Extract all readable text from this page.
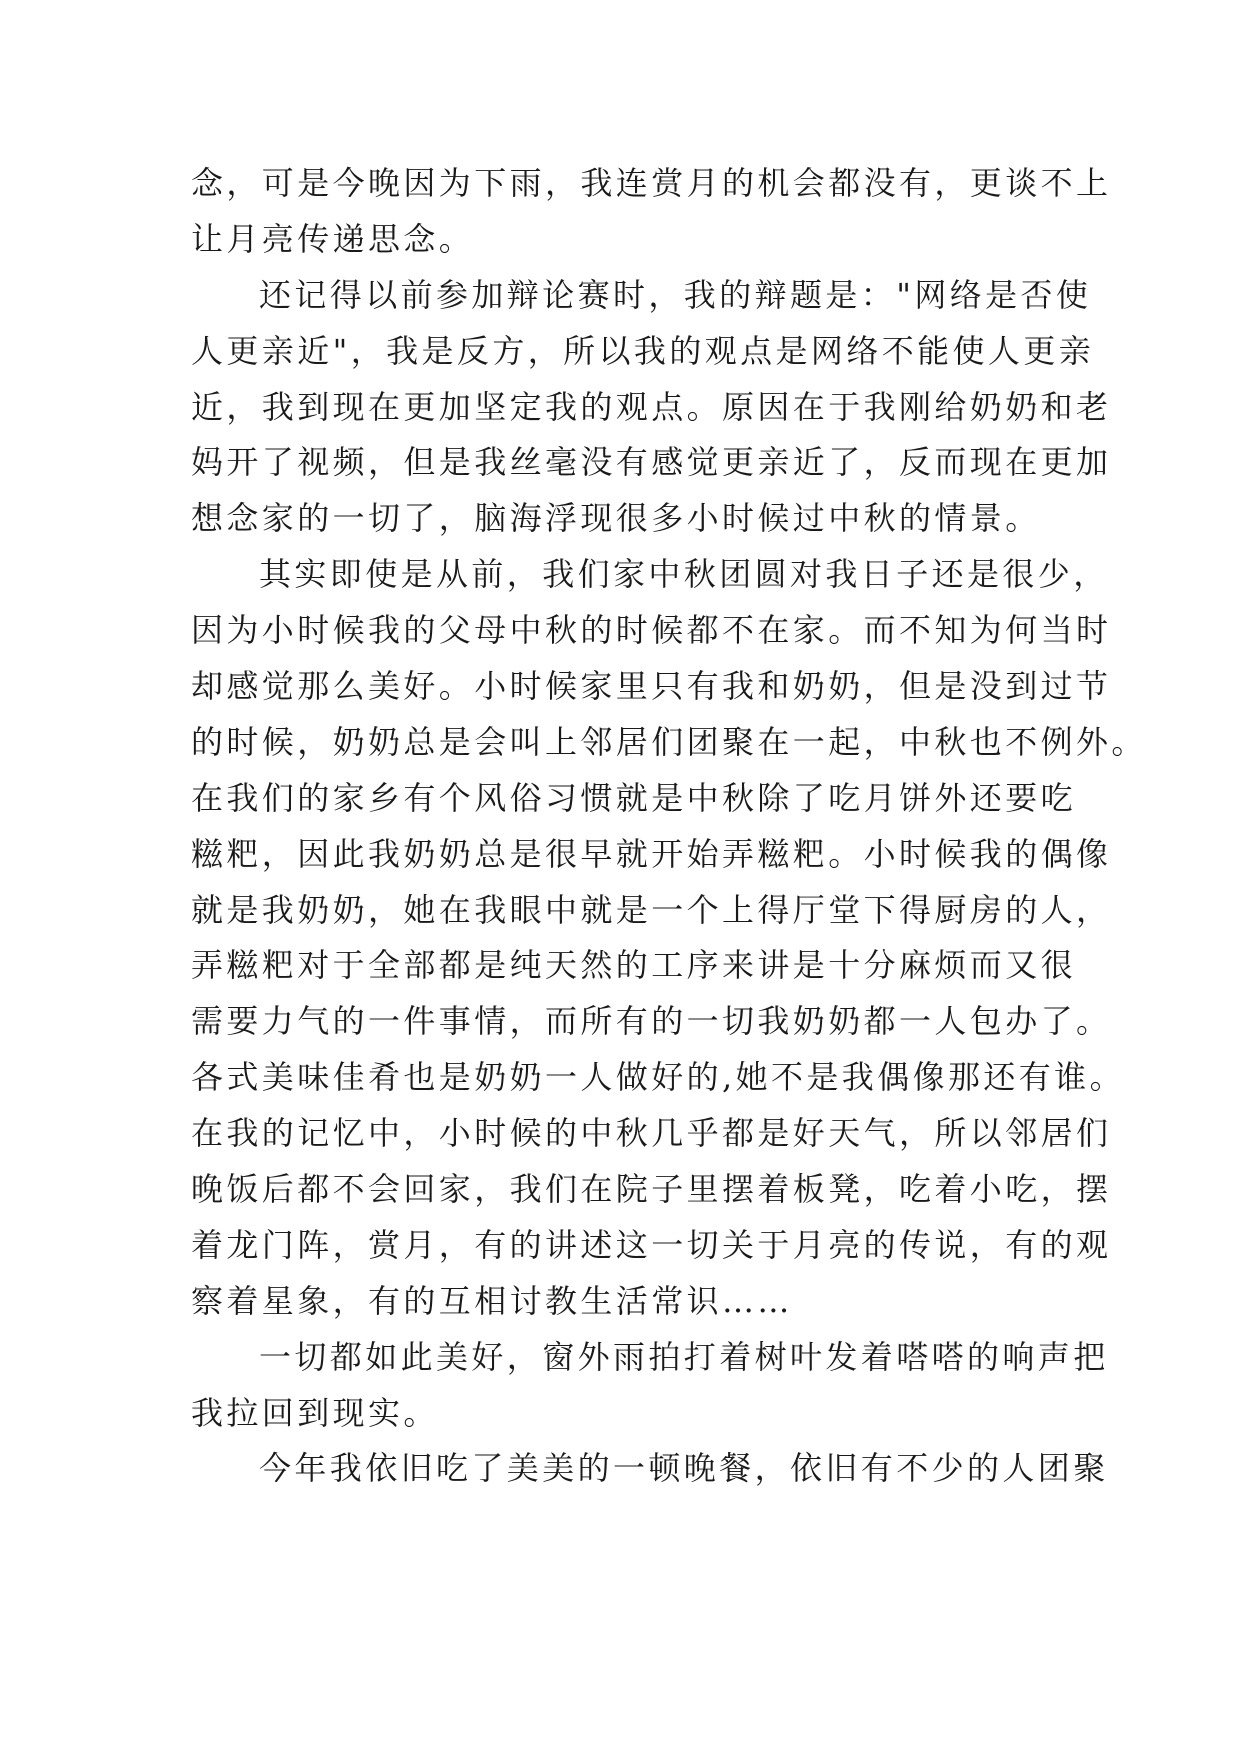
念，可是今晚因为下雨，我连赏月的机会都没有，更谈不上
让月亮传递思念。
还记得以前参加辩论赛时，我的辩题是："网络是否使
人更亲近"，我是反方，所以我的观点是网络不能使人更亲
近，我到现在更加坚定我的观点。原因在于我刚给奶奶和老
妈开了视频，但是我丝毫没有感觉更亲近了，反而现在更加
想念家的一切了，脑海浮现很多小时候过中秋的情景。
其实即使是从前，我们家中秋团圆对我日子还是很少，
因为小时候我的父母中秋的时候都不在家。而不知为何当时
却感觉那么美好。小时候家里只有我和奶奶，但是没到过节
的时候，奶奶总是会叫上邻居们团聚在一起，中秋也不例外。
在我们的家乡有个风俗习惯就是中秋除了吃月饼外还要吃
糍粑，因此我奶奶总是很早就开始弄糍粑。小时候我的偶像
就是我奶奶，她在我眼中就是一个上得厅堂下得厨房的人，
弄糍粑对于全部都是纯天然的工序来讲是十分麻烦而又很
需要力气的一件事情，而所有的一切我奶奶都一人包办了。
各式美味佳肴也是奶奶一人做好的,她不是我偶像那还有谁。
在我的记忆中，小时候的中秋几乎都是好天气，所以邻居们
晚饭后都不会回家，我们在院子里摆着板凳，吃着小吃，摆
着龙门阵，赏月，有的讲述这一切关于月亮的传说，有的观
察着星象，有的互相讨教生活常识……
一切都如此美好，窗外雨拍打着树叶发着嗒嗒的响声把
我拉回到现实。
今年我依旧吃了美美的一顿晚餐，依旧有不少的人团聚
